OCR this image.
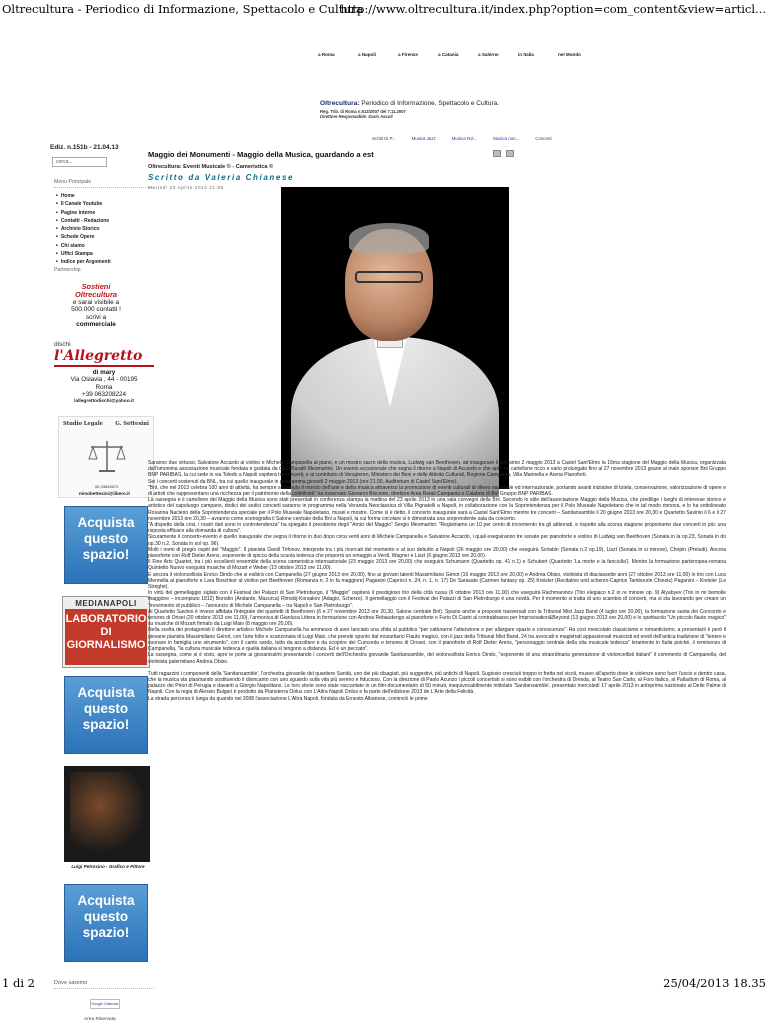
Oltrecultura - Periodico di Informazione, Spettacolo e Cultura
http://www.oltrecultura.it/index.php?option=com_content&view=articl...
a Roma	a Napoli	a Firenze	a Catania	a Salerno	in Italia	nel Mondo
Oltrecultura: Periodico di Informazione, Spettacolo e Cultura.
Reg. Trib. di Roma n.513/2007 del 7.11.2007
Direttore Responsabile: Dario Ascoli
Scritti Di P...	Musica Jazz	Musica Rol...	Musica non...	Concerti
Ediz. n.151b - 21.04.13
cerca...
Menu Principale
■ Home
■ Il Canale Youtube
■ Pagine interne
■ Contatti - Redazione
■ Archivio Storico
■ Schede Opere
■ Chi siamo
■ Uffici Stampa
■ Indice per Argomenti
Partnership
Sostieni
Oltrecultura
e sarai visibile a
500.000 contatti !
scrivi a
commerciale
dischi
l'Allegretto
di mary
Via Oslavia , 44 - 00195
Roma
+39 063208224
lallegrettodischi@yahoo.it
Studio Legale G. Settesini
06 33643573
minobettesini@libero.it
Acquista questo spazio!
MEDIANAPOLI
LABORATORIO DI GIORNALISMO
Acquista questo spazio!
Luigi Petrosino - Grafico e Pittore
Acquista questo spazio!
Dove saremo
Google Calendar
Area Riservata
Maggio dei Monumenti - Maggio della Musica, guardando a est
Oltrecultura: Eventi Musicale © - Cameristica ©
Scritto da Valeria Chianese
Martedì 23 Aprile 2013 21:05

Saranno due virtuosi, Salvatore Accardo al violino e Michele Campanella al piano, e un mostro sacro della musica, Ludwig van Beethoven, ad inaugurare il prossimo 2 maggio 2013 a Castel Sant'Elmo la 16ma stagione del Maggio della Musica, organizzata dall'omonima associazione musicale fondata e guidata da Gina Barattì Meomartini. Un evento eccezionale che segna il ritorno a Napoli di Accardo e che apre un cartellone ricco e vario prolungato fino al 27 novembre 2013 grazie al main sponsor Bnl Gruppo BNP PARIBAS, la cui sede in via Toledo a Napoli ospiterà tre concerti, e al contributo di Verspieren, Ministero dei Beni e delle Attività Culturali, Regione Campania, Villa Marinella e Arena Pianoforti.

Sei i concerti sostenuti da BNL, tra cui quello inaugurale in programma giovedì 2 maggio 2013 (ore 21.00, Auditorium di Castel Sant'Elmo).

"Bnl, che nel 2013 celebra 100 anni di attività, ha sempre sostenuto il mondo dell'arte e della musica attraverso la promozione di eventi culturali di rilievo nazionale ed internazionale, portando avanti iniziative di tutela, conservazione, valorizzazione di opere e di artisti che rappresentano una ricchezza per il patrimonio della collettività" ha osservato Giovanni Biscione, direttore Area Retail Campania e Calabria di Bnl Gruppo BNP PARIBAS.

La rassegna e il cartellone del Maggio della Musica sono stati presentati in conferenza stampa la mattina del 23 aprile 2013 in una sala convegni della Bnl. Secondo lo stile dell'associazione Maggio della Musica, che predilige i luoghi di interesse storico e artistico del capoluogo campano, dodici dei sedici concerti saranno in programma nella Veranda Neoclassica di Villa Pignatelli a Napoli, in collaborazione con la Soprintendenza per il Polo Museale Napoletano che in tal modo rinnova, e lo ha sottolineato Rosanna Naclerio della Soprintendenza speciale per il Polo Museale Napoletano, musei e mostre. Come si è detto, il concerto inaugurale sarà a Castel Sant'Elmo mentre tre concerti – Sanitansamble il 20 giugno 2013 ore 20,30 e Quartetto Savinio il 6 e il 27 novembre 2013 ore 20,30 – avranno come scenografia il Salone centrale della Bnl a Napoli, la cui forma circolare si è dimostrata una sorprendente sala da concerto.

"A dispetto della crisi, i nostri dati sono in controtendenza" ha spiegato il presidente degli "Amici del Maggio" Sergio Meomartini: "Registriamo un 10 per cento di incremento tra gli abbonati, e rispetto alla scorsa stagione proponiamo due concerti in più: una risposta efficace alla domanda di cultura".

Sicuramente il concerto-evento è quello inaugurale che segna il ritorno in duo dopo circa venti anni di Michele Campanella e Salvatore Accardo, i quali eseguiranno tre sonate per pianoforte e violino di Ludwig van Beethoven (Sonata in la op.23, Sonata in do op.30 n.2, Sonata in sol op. 96).

Molti i nomi di pregio ospiti del "Maggio". Il pianista Daniil Trifonov, interprete tra i più ricercati del momento e al suo debutto a Napoli (26 maggio ore 20,00) che eseguirà Scriabin (Sonata n.2 op.19), Liszt (Sonata in si minore), Chopin (Preludi). Ancora pianoforte con Rolf Dieter Arens, esponente di spicco della scuola tedesca che proporrà un omaggio a Verdi, Wagner e Liszt (6 giugno 2013 ore 20,00).

Il Fine Arts Quartet, tra i più eccellenti ensemble della scena cameristica internazionale (23 maggio 2013 ore 20,00) che eseguirà Schumann (Quartetto op. 41 n.1) e Schubert (Quartetto 'La morte e la fanciulla'). Mentre la formazione partenopea-romana Quintetto Nuovo eseguirà musiche di Mozart e Weber (13 ottobre 2013 ore 11,00).

E ancora il violoncellista Enrico Dindo che si esibirà con Campanella (27 giugno 2013 ore 20,00), fino ai giovani talenti Massimiliano Génot (16 maggio 2013 ore 20,00) e Andrea Obiso, violinista di diaciassette anni (27 ottobre 2013 ore 11,00) in trio con Luca Mennella al pianoforte e Lara Boschkor al violino per Beethoven (Romanza n. 2 in fa maggiore) Paganini (Capricci n. 24, n. 1, n. 17) De Sarasate (Carmen fantasy op. 25) Kreisler (Recitativo und scherzo-Caprice Tambourin Chinois) Paganini – Kreisler (Le Streghe).

In virtù del gemellaggio siglato con il Festival dei Palazzi di San Pietroburgo, il "Maggio" ospiterà il prestigioso trio della città russa (6 ottobre 2013 ore 11,00) che eseguirà Rachmaninov (Trio elegiaco n.2 in re minore op. 9) Alyabyev (Trio in mi bemolle maggiore – incompiuto 1812) Borodin (Andante, Mazurca) Rimskij-Korsakov (Adagio, Scherzo). Il gemellaggio con il Festival dei Palazzi di San Pietroburgo è una novità. Per il momento si tratta di uno scambio di concerti, ma si sta lavorando per creare un "movimento di pubblico – l'annuncio di Michele Campanella – tra Napoli e San Pietroburgo".

Al Quartetto Savinio è invece affidata l'integrale dei quartetti di Beethoven (6 e 27 novembre 2013 ore 20,30, Salone centrale Bnl). Spazio anche a proposte trasversali con la Tribunal Mist Jazz Band (4 luglio ore 20,00), la formazione santa dei Concordo e tenores di Orisei (20 ottobre 2013 ore 11,00), l'armonica di Gianluca Littera in formazione con Andrea Rebaudengo al pianoforte e Furio Di Castri al contrabbasso per Improvisation&Beyond (13 giugno 2013 ore 20,00) e lo spettacolo "Un piccolo flauto magico" su musiche di Mozart firmato da Luigi Maio (8 maggio ore 20,00).

Nella scelta dei protagonisti il direttore artistico Michele Campanella ha ammesso di aver lanciato una sfida al pubblico "per catturarne l'attenzione e per allargare spazio e conoscenza". Ha così mescolato classicismo e romanticismo, a presentarli è però il giovane pianista Massimiliano Génot, con l'arte folle e scanzonata di Luigi Maio, che prende spunto dal mozartiano Flauto magico, con il jazz della Tribunal Mist Band, 24 tra avvocati e magistrati appassionati musicisti ed eredi dell'antica tradizione di "tenere e suonare in famiglia uno strumento", con il canto sardo, tutto da ascoltare e da scoprire dei Cuncordu e tenores di Orosei, con il pianoforte di Rolf Dieter Arens, "personaggio centrale della vita musicale tedesca" leramente in Italia poiché, il reminenzo di Campanella, "la cultura musicale tedesca e quella italiana si tengono a distanza. Ed è un peccato".

La rassegna, come si è visto, apre le porte ai giovanissimi presentando i concerti dell'Orchestra giovanile Sanitansamble, del violoncellista Enrico Dindo, "esponente di una straordinaria generazione di violoncellisti italiani" il commento di Campanella, del violinista palermitano Andrea Obiso.

Tutti ragazzini i componenti della 'Sanitansamble', l'orchestra giovanile del quartiere Sanità, uno dei più disagiati, più suggestivi, più antichi di Napoli. Sugiosio cresciuti troppo in fretta nei vicoli, museo all'aperto dove le violenze sono fuori l'uscio e dentro casa, che la musica sta plasmando sostituendo il disincanto con uno sguardo sulla vita più sereno e fiducioso. Con la direzione di Paolo Acunzo i piccoli concertisti si sono esibiti con l'orchestra di Dresda, al Teatro San Carlo, al Foro Italico, al Palladium di Roma, al palazzo dei Priori di Perugia e davanti a Giorgio Napolitano. Le loro storie sono state raccontate in un film-documentario di 50 minuti, inequivocabilmente intitolato 'Sanitansamble', presentato mercoledì 17 aprile 2013 in anteprima nazionale al Delle Palme di Napoli. Con la regia di Alessio Bulgari è prodotto da Pianoterra Onlus con L'Altra Napoli Onlus e fa parte dell'edizione 2013 de L'Arte della Felicità.

La strada percorsa è lunga da quando nel 2008 l'associazione L'Altra Napoli, fondata da Ernesto Albanese, cominciò le prime

1 di 2	25/04/2013 18.35
